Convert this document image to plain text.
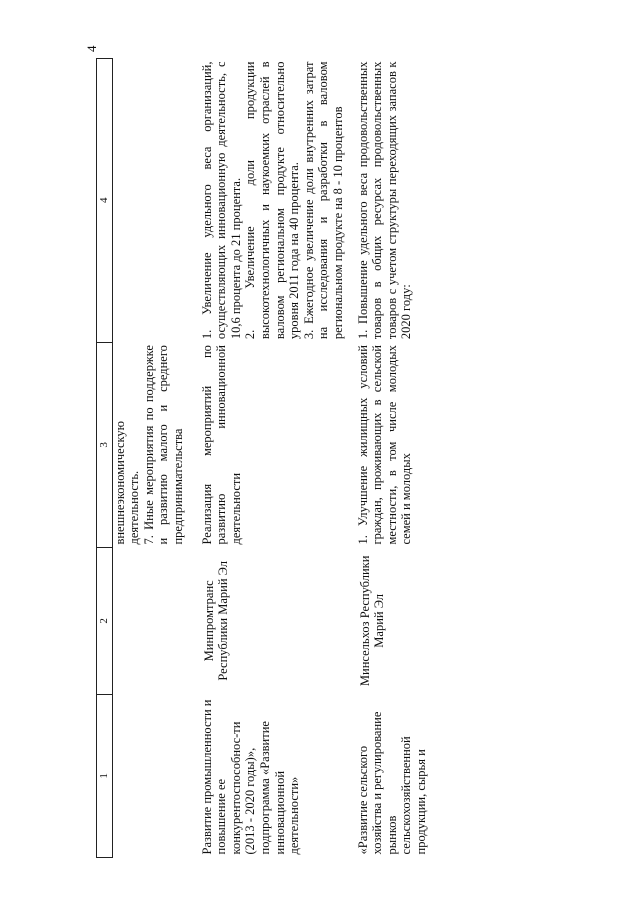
4
1	2	3	4

		внешнеэкономическую деятельность. 7. Иные мероприятия по поддержке и развитию малого и среднего предпринимательства	

Развитие промышленности и повышение ее конкурентоспособнос-ти (2013 - 2020 годы)», подпрограмма «Развитие инновационной деятельности»	Минпромтранс Республики Марий Эл	Реализация мероприятий по развитию инновационной деятельности	1. Увеличение удельного веса организаций, осуществляющих инновационную деятельность, с 10,6 процента до 21 процента. 2. Увеличение доли продукции высокотехнологичных и наукоемких отраслей в валовом региональном продукте относительно уровня 2011 года на 40 процента. 3. Ежегодное увеличение доли внутренних затрат на исследования и разработки в валовом региональном продукте на 8 - 10 процентов

«Развитие сельского хозяйства и регулирование рынков сельскохозяйственной продукции, сырья и	Минсельхоз Республики Марий Эл	1. Улучшение жилищных условий граждан, проживающих в сельской местности, в том числе молодых семей и молодых	1. Повышение удельного веса продовольственных товаров в общих ресурсах продовольственных товаров с учетом структуры переходящих запасов к 2020 году:
